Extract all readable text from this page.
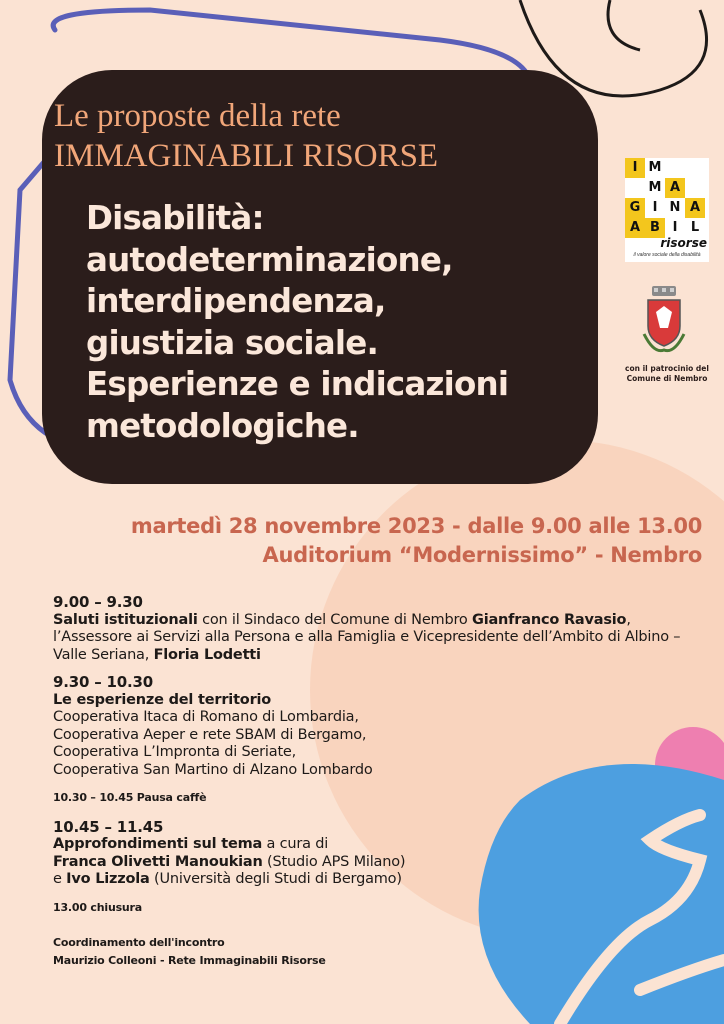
Le proposte della rete
IMMAGINABILI RISORSE
Disabilità:
autodeterminazione,
interdipendenza,
giustizia sociale.
Esperienze e indicazioni
metodologiche.
I M
M A
G I N A
B I	L
A
risorse
il valore sociale della disabilità
con il patrocinio del
Comune di Nembro
martedì 28 novembre 2023 - dalle 9.00 alle 13.00
Auditorium “Modernissimo” - Nembro
9.00 – 9.30
Saluti istituzionali con il Sindaco del Comune di Nembro Gianfranco Ravasio, l’Assessore ai Servizi alla Persona e alla Famiglia e Vicepresidente dell’Ambito di Albino – Valle Seriana, Floria Lodetti
9.30 – 10.30
Le esperienze del territorio
Cooperativa Itaca di Romano di Lombardia,
Cooperativa Aeper e rete SBAM di Bergamo,
Cooperativa L’Impronta di Seriate,
Cooperativa San Martino di Alzano Lombardo
10.30 – 10.45 Pausa caffè
10.45 – 11.45
Approfondimenti sul tema a cura di
Franca Olivetti Manoukian (Studio APS Milano)
e Ivo Lizzola (Università degli Studi di Bergamo)
13.00 chiusura
Coordinamento dell'incontro
Maurizio Colleoni - Rete Immaginabili Risorse
